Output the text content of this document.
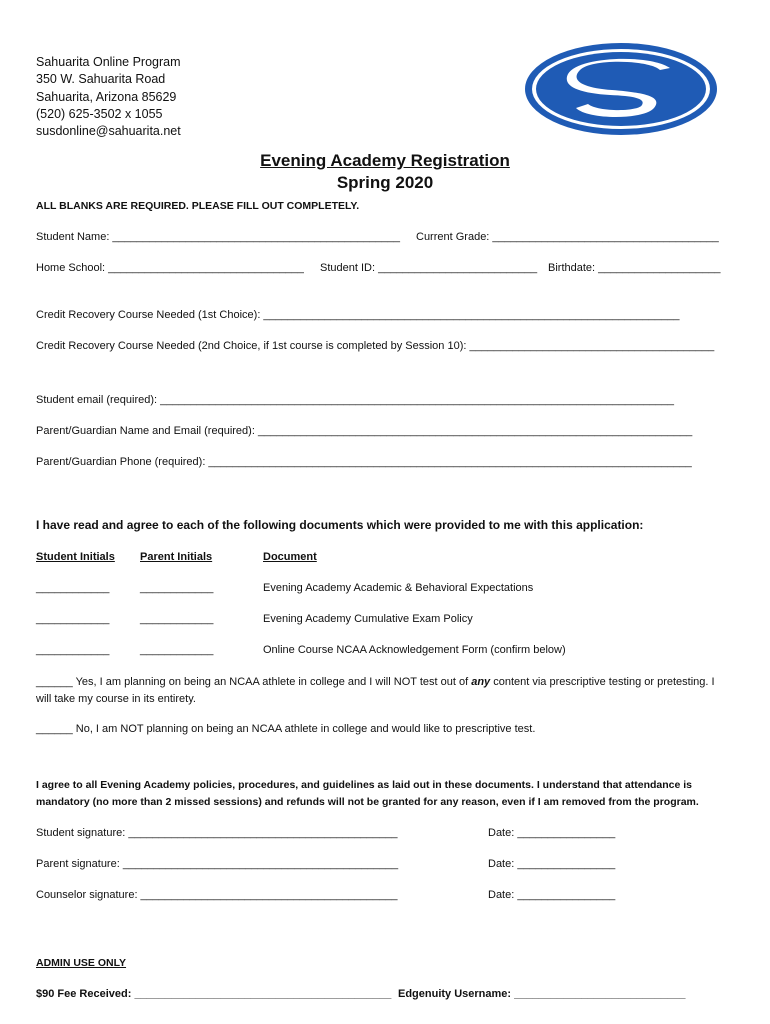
Sahuarita Online Program
350 W. Sahuarita Road
Sahuarita, Arizona 85629
(520) 625-3502 x 1055
susdonline@sahuarita.net
Evening Academy Registration
Spring 2020
ALL BLANKS ARE REQUIRED. PLEASE FILL OUT COMPLETELY.
Student Name: _______________________________________________ Current Grade: _____________________________________
Home School: ________________________________ Student ID: __________________________ Birthdate: ____________________
Credit Recovery Course Needed (1st Choice): ____________________________________________________________________
Credit Recovery Course Needed (2nd Choice, if 1st course is completed by Session 10): ________________________________________
Student email (required): ____________________________________________________________________________________
Parent/Guardian Name and Email (required): _______________________________________________________________________
Parent/Guardian Phone (required): _______________________________________________________________________________
I have read and agree to each of the following documents which were provided to me with this application:
Student Initials Parent Initials	Document
____________	____________	Evening Academy Academic & Behavioral Expectations
____________	____________	Evening Academy Cumulative Exam Policy
____________	____________	Online Course NCAA Acknowledgement Form (confirm below)
______ Yes, I am planning on being an NCAA athlete in college and I will NOT test out of any content via prescriptive testing or pretesting. I will take my course in its entirety.
______ No, I am NOT planning on being an NCAA athlete in college and would like to prescriptive test.
I agree to all Evening Academy policies, procedures, and guidelines as laid out in these documents. I understand that attendance is mandatory (no more than 2 missed sessions) and refunds will not be granted for any reason, even if I am removed from the program.
Student signature: ____________________________________________	Date: ________________
Parent signature: _____________________________________________	Date: ________________
Counselor signature: __________________________________________	Date: ________________
ADMIN USE ONLY
$90 Fee Received: __________________________________________ Edgenuity Username: ____________________________
